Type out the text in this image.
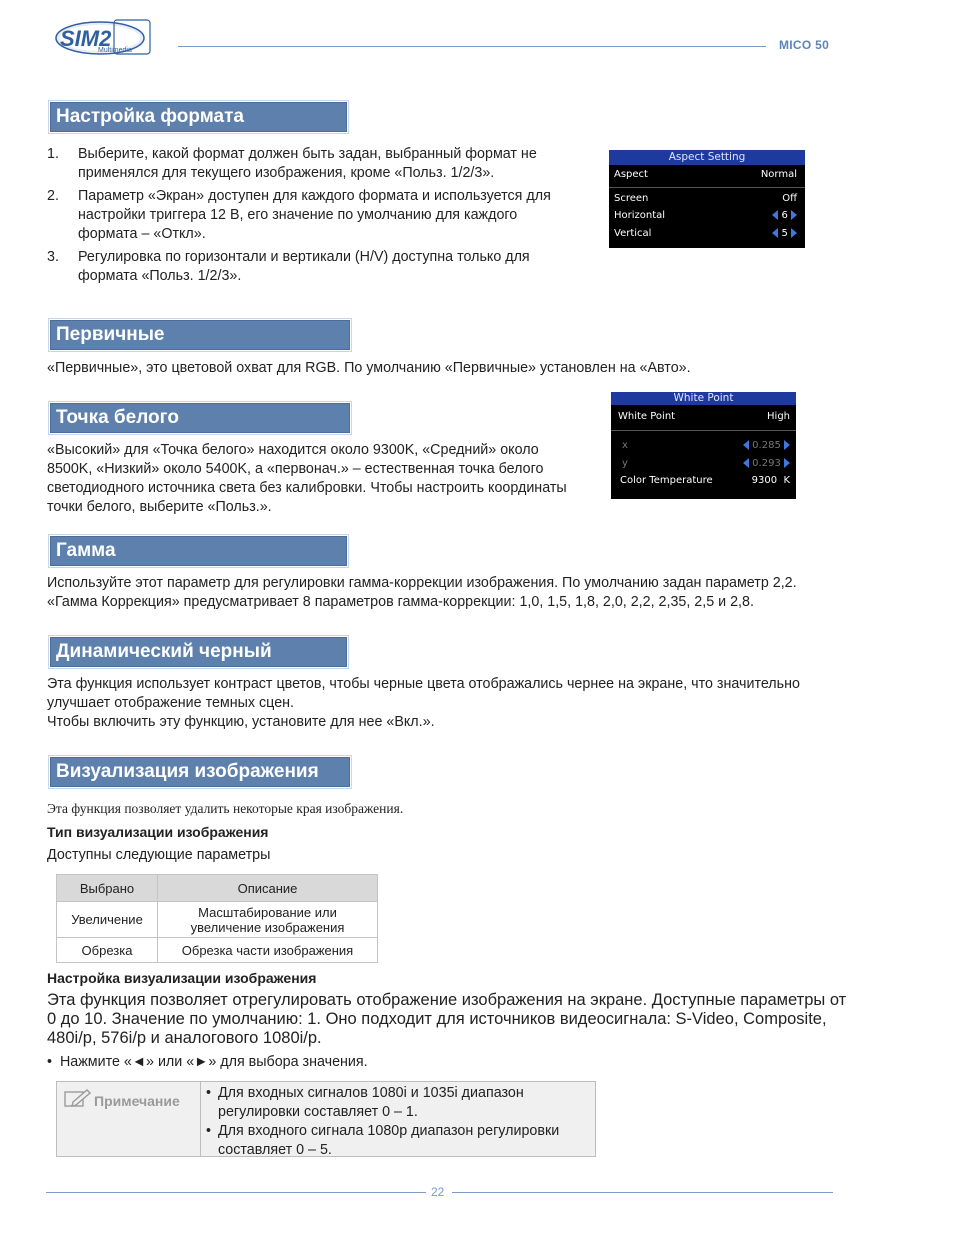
SIM2
Multimedia	MICO 50
Настройка формата
1. Выберите, какой формат должен быть задан, выбранный формат не применялся для текущего изображения, кроме «Польз. 1/2/3».
2. Параметр «Экран» доступен для каждого формата и используется для настройки триггера 12 В, его значение по умолчанию для каждого формата – «Откл».
3. Регулировка по горизонтали и вертикали (H/V) доступна только для формата «Польз. 1/2/3».
Aspect Setting
Aspect	Normal
Screen	Off
Horizontal	6
Vertical	5
Первичные
«Первичные», это цветовой охват для RGB. По умолчанию «Первичные» установлен на «Авто».
Точка белого
«Высокий» для «Точка белого» находится около 9300K, «Средний» около 8500K, «Низкий» около 5400K, а «первонач.» – естественная точка белого светодиодного источника света без калибровки. Чтобы настроить координаты точки белого, выберите «Польз.».
White Point
White Point	High
x	0.285
y	0.293
Color Temperature	9300 K
Гамма
Используйте этот параметр для регулировки гамма-коррекции изображения. По умолчанию задан параметр 2,2. «Гамма Коррекция» предусматривает 8 параметров гамма-коррекции: 1,0, 1,5, 1,8, 2,0, 2,2, 2,35, 2,5 и 2,8.
Динамический черный
Эта функция использует контраст цветов, чтобы черные цвета отображались чернее на экране, что значительно улучшает отображение темных сцен.
Чтобы включить эту функцию, установите для нее «Вкл.».
Визуализация изображения
Эта функция позволяет удалить некоторые края изображения.
Тип визуализации изображения
Доступны следующие параметры
Выбрано	Описание
Увеличение	Масштабирование или увеличение изображения
Обрезка	Обрезка части изображения
Настройка визуализации изображения
Эта функция позволяет отрегулировать отображение изображения на экране. Доступные параметры от 0 до 10. Значение по умолчанию: 1. Оно подходит для источников видеосигнала: S-Video, Composite, 480i/p, 576i/p и аналогового 1080i/p.
•  Нажмите «◄» или «►» для выбора значения.
Примечание	• Для входных сигналов 1080i и 1035i диапазон регулировки составляет 0 – 1.
• Для входного сигнала 1080p диапазон регулировки составляет 0 – 5.
22
